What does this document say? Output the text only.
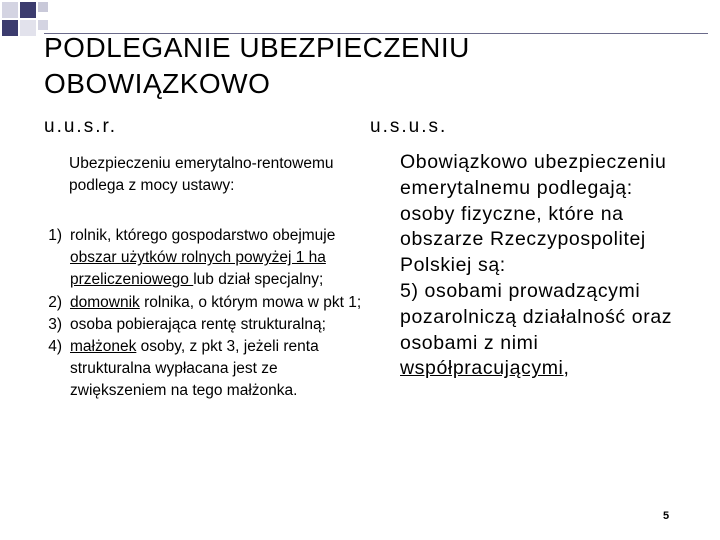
PODLEGANIE UBEZPIECZENIU
OBOWIĄZKOWO
u.u.s.r.	u.s.u.s.
Ubezpieczeniu emerytalno-rentowemu podlega z mocy ustawy:
1) rolnik, którego gospodarstwo obejmuje obszar użytków rolnych powyżej 1 ha przeliczeniowego lub dział specjalny;
2) domownik rolnika, o którym mowa w pkt 1;
3) osoba pobierająca rentę strukturalną;
4) małżonek osoby, z pkt 3, jeżeli renta strukturalna wypłacana jest ze zwiększeniem na tego małżonka.
Obowiązkowo ubezpieczeniu emerytalnemu podlegają: osoby fizyczne, które na obszarze Rzeczypospolitej Polskiej są:
5) osobami prowadzącymi pozarolniczą działalność oraz osobami z nimi współpracującymi,
5
